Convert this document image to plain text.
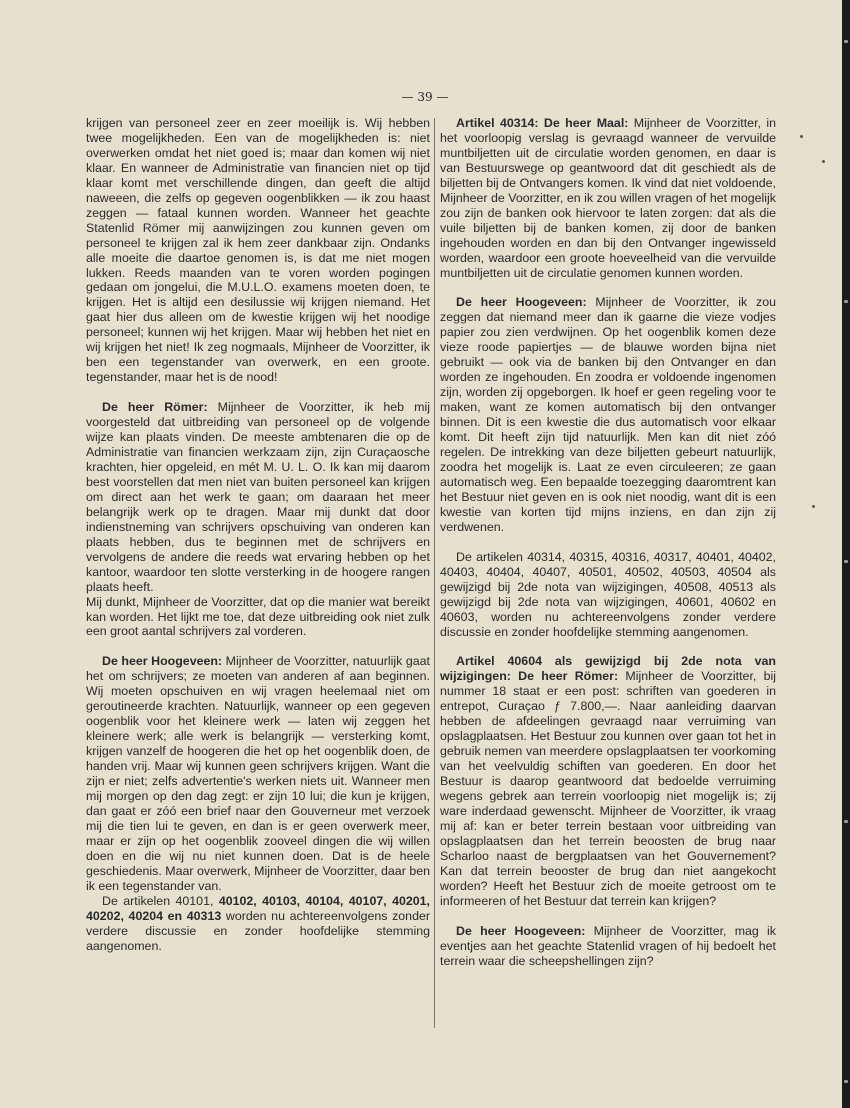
— 39 —

krijgen van personeel zeer en zeer moeilijk is. Wij hebben twee mogelijkheden. Een van de mogelijkheden is: niet overwerken omdat het niet goed is; maar dan komen wij niet klaar. En wanneer de Administratie van financien niet op tijd klaar komt met verschillende dingen, dan geeft die altijd naweeen, die zelfs op gegeven oogenblikken — ik zou haast zeggen — fataal kunnen worden. Wanneer het geachte Statenlid Römer mij aanwijzingen zou kunnen geven om personeel te krijgen zal ik hem zeer dankbaar zijn. Ondanks alle moeite die daartoe genomen is, is dat me niet mogen lukken. Reeds maanden van te voren worden pogingen gedaan om jongelui, die M.U.L.O. examens moeten doen, te krijgen. Het is altijd een desilussie wij krijgen niemand. Het gaat hier dus alleen om de kwestie krijgen wij het noodige personeel; kunnen wij het krijgen. Maar wij hebben het niet en wij krijgen het niet! Ik zeg nogmaals, Mijnheer de Voorzitter, ik ben een tegenstander van overwerk, en een groote. tegenstander, maar het is de nood!

De heer Römer: Mijnheer de Voorzitter, ik heb mij voorgesteld dat uitbreiding van personeel op de volgende wijze kan plaats vinden. De meeste ambtenaren die op de Administratie van financien werkzaam zijn, zijn Curaçaosche krachten, hier opgeleid, en mét M. U. L. O. Ik kan mij daarom best voorstellen dat men niet van buiten personeel kan krijgen om direct aan het werk te gaan; om daaraan het meer belangrijk werk op te dragen. Maar mij dunkt dat door indienstneming van schrijvers opschuiving van onderen kan plaats hebben, dus te beginnen met de schrijvers en vervolgens de andere die reeds wat ervaring hebben op het kantoor, waardoor ten slotte versterking in de hoogere rangen plaats heeft.

Mij dunkt, Mijnheer de Voorzitter, dat op die manier wat bereikt kan worden. Het lijkt me toe, dat deze uitbreiding ook niet zulk een groot aantal schrijvers zal vorderen.

De heer Hoogeveen: Mijnheer de Voorzitter, natuurlijk gaat het om schrijvers; ze moeten van anderen af aan beginnen. Wij moeten opschuiven en wij vragen heelemaal niet om geroutineerde krachten. Natuurlijk, wanneer op een gegeven oogenblik voor het kleinere werk — laten wij zeggen het kleinere werk; alle werk is belangrijk — versterking komt, krijgen vanzelf de hoogeren die het op het oogenblik doen, de handen vrij. Maar wij kunnen geen schrijvers krijgen. Want die zijn er niet; zelfs advertentie's werken niets uit. Wanneer men mij morgen op den dag zegt: er zijn 10 lui; die kun je krijgen, dan gaat er zóó een brief naar den Gouverneur met verzoek mij die tien lui te geven, en dan is er geen overwerk meer, maar er zijn op het oogenblik zooveel dingen die wij willen doen en die wij nu niet kunnen doen. Dat is de heele geschiedenis. Maar overwerk, Mijnheer de Voorzitter, daar ben ik een tegenstander van.

De artikelen 40101, 40102, 40103, 40104, 40107, 40201, 40202, 40204 en 40313 worden nu achtereenvolgens zonder verdere discussie en zonder hoofdelijke stemming aangenomen.

Artikel 40314: De heer Maal: Mijnheer de Voorzitter, in het voorloopig verslag is gevraagd wanneer de vervuilde muntbiljetten uit de circulatie worden genomen, en daar is van Bestuurswege op geantwoord dat dit geschiedt als de biljetten bij de Ontvangers komen. Ik vind dat niet voldoende, Mijnheer de Voorzitter, en ik zou willen vragen of het mogelijk zou zijn de banken ook hiervoor te laten zorgen: dat als die vuile biljetten bij de banken komen, zij door de banken ingehouden worden en dan bij den Ontvanger ingewisseld worden, waardoor een groote hoeveelheid van die vervuilde muntbiljetten uit de circulatie genomen kunnen worden.

De heer Hoogeveen: Mijnheer de Voorzitter, ik zou zeggen dat niemand meer dan ik gaarne die vieze vodjes papier zou zien verdwijnen. Op het oogenblik komen deze vieze roode papiertjes — de blauwe worden bijna niet gebruikt — ook via de banken bij den Ontvanger en dan worden ze ingehouden. En zoodra er voldoende ingenomen zijn, worden zij opgeborgen. Ik hoef er geen regeling voor te maken, want ze komen automatisch bij den ontvanger binnen. Dit is een kwestie die dus automatisch voor elkaar komt. Dit heeft zijn tijd natuurlijk. Men kan dit niet zóó regelen. De intrekking van deze biljetten gebeurt natuurlijk, zoodra het mogelijk is. Laat ze even circuleeren; ze gaan automatisch weg. Een bepaalde toezegging daaromtrent kan het Bestuur niet geven en is ook niet noodig, want dit is een kwestie van korten tijd mijns inziens, en dan zijn zij verdwenen.

De artikelen 40314, 40315, 40316, 40317, 40401, 40402, 40403, 40404, 40407, 40501, 40502, 40503, 40504 als gewijzigd bij 2de nota van wijzigingen, 40508, 40513 als gewijzigd bij 2de nota van wijzigingen, 40601, 40602 en 40603, worden nu achtereenvolgens zonder verdere discussie en zonder hoofdelijke stemming aangenomen.

Artikel 40604 als gewijzigd bij 2de nota van wijzigingen: De heer Römer: Mijnheer de Voorzitter, bij nummer 18 staat er een post: schriften van goederen in entrepot, Curaçao ƒ 7.800,—. Naar aanleiding daarvan hebben de afdeelingen gevraagd naar verruiming van opslagplaatsen. Het Bestuur zou kunnen over gaan tot het in gebruik nemen van meerdere opslagplaatsen ter voorkoming van het veelvuldig schiften van goederen. En door het Bestuur is daarop geantwoord dat bedoelde verruiming wegens gebrek aan terrein voorloopig niet mogelijk is; zij ware inderdaad gewenscht. Mijnheer de Voorzitter, ik vraag mij af: kan er beter terrein bestaan voor uitbreiding van opslagplaatsen dan het terrein beoosten de brug naar Scharloo naast de bergplaatsen van het Gouvernement? Kan dat terrein beooster de brug dan niet aangekocht worden? Heeft het Bestuur zich de moeite getroost om te informeeren of het Bestuur dat terrein kan krijgen?

De heer Hoogeveen: Mijnheer de Voorzitter, mag ik eventjes aan het geachte Statenlid vragen of hij bedoelt het terrein waar die scheepshellingen zijn?
